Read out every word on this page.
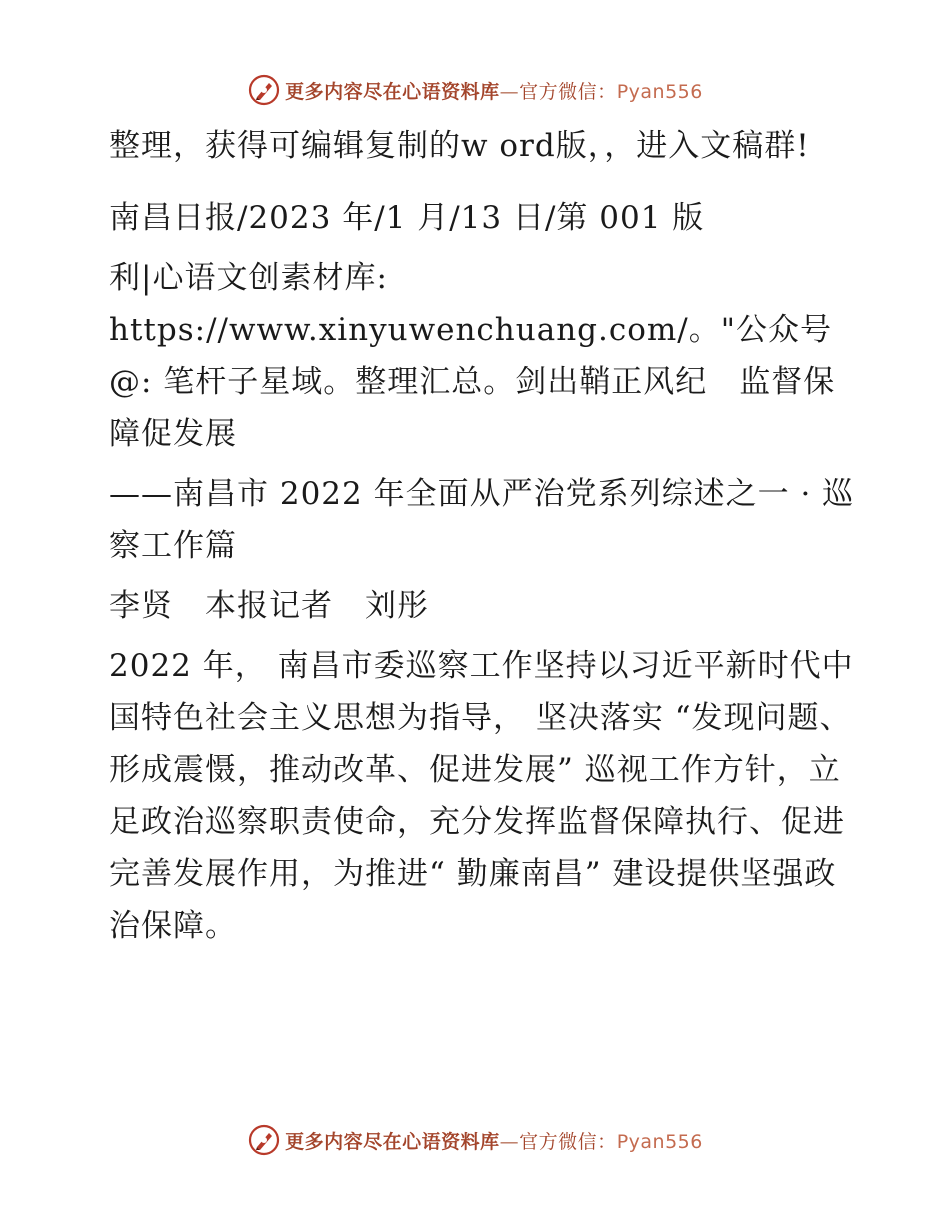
更多内容尽在心语资料库—官方微信：Pyan556

整理，获得可编辑复制的w ord版，，进入文稿群!

南昌日报/2023 年/1 月/13 日/第 001 版

利|心语文创素材库: https://www.xinyuwenchuang.com/。"公众号@: 笔杆子星域。整理汇总。剑出鞘正风纪　监督保障促发展

——南昌市 2022 年全面从严治党系列综述之一 · 巡察工作篇

李贤　本报记者　刘彤

2022 年， 南昌市委巡察工作坚持以习近平新时代中国特色社会主义思想为指导， 坚决落实 “发现问题、形成震慑，推动改革、促进发展” 巡视工作方针，立足政治巡察职责使命，充分发挥监督保障执行、促进完善发展作用，为推进“ 勤廉南昌” 建设提供坚强政治保障。

更多内容尽在心语资料库—官方微信：Pyan556
